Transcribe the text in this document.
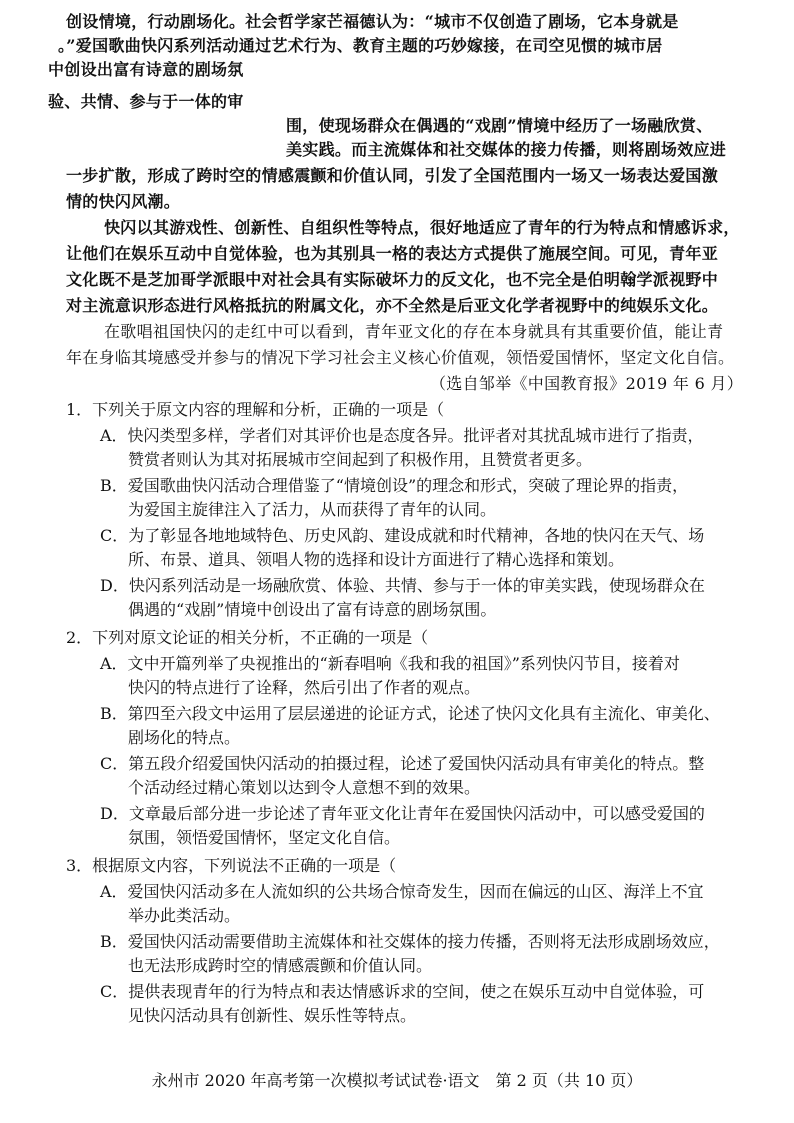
创设情境，行动剧场化。社会哲学家芒福德认为：“城市不仅创造了剧场，它本身就是
。”爱国歌曲快闪系列活动通过艺术行为、教育主题的巧妙嫁接，在司空见惯的城市居
中创设出富有诗意的剧场氛
验、共情、参与于一体的审
围，使现场群众在偶遇的“戏剧”情境中经历了一场融欣赏、
美实践。而主流媒体和社交媒体的接力传播，则将剧场效应进
一步扩散，形成了跨时空的情感震颤和价值认同，引发了全国范围内一场又一场表达爱国激
情的快闪风潮。
快闪以其游戏性、创新性、自组织性等特点，很好地适应了青年的行为特点和情感诉求，
让他们在娱乐互动中自觉体验，也为其别具一格的表达方式提供了施展空间。可见，青年亚
文化既不是芝加哥学派眼中对社会具有实际破坏力的反文化，也不完全是伯明翰学派视野中
对主流意识形态进行风格抵抗的附属文化，亦不全然是后亚文化学者视野中的纯娱乐文化。
在歌唱祖国快闪的走红中可以看到，青年亚文化的存在本身就具有其重要价值，能让青
年在身临其境感受并参与的情况下学习社会主义核心价值观，领悟爱国情怀，坚定文化自信。
（选自邹举《中国教育报》2019 年 6 月）
1．下列关于原文内容的理解和分析，正确的一项是（
A．快闪类型多样，学者们对其评价也是态度各异。批评者对其扰乱城市进行了指责，
赞赏者则认为其对拓展城市空间起到了积极作用，且赞赏者更多。
B．爱国歌曲快闪活动合理借鉴了“情境创设”的理念和形式，突破了理论界的指责，
为爱国主旋律注入了活力，从而获得了青年的认同。
C．为了彰显各地地域特色、历史风韵、建设成就和时代精神，各地的快闪在天气、场
所、布景、道具、领唱人物的选择和设计方面进行了精心选择和策划。
D．快闪系列活动是一场融欣赏、体验、共情、参与于一体的审美实践，使现场群众在
偶遇的“戏剧”情境中创设出了富有诗意的剧场氛围。
2．下列对原文论证的相关分析，不正确的一项是（
A．文中开篇列举了央视推出的“新春唱响《我和我的祖国》”系列快闪节目，接着对
快闪的特点进行了诠释，然后引出了作者的观点。
B．第四至六段文中运用了层层递进的论证方式，论述了快闪文化具有主流化、审美化、
剧场化的特点。
C．第五段介绍爱国快闪活动的拍摄过程，论述了爱国快闪活动具有审美化的特点。整
个活动经过精心策划以达到令人意想不到的效果。
D．文章最后部分进一步论述了青年亚文化让青年在爱国快闪活动中，可以感受爱国的
氛围，领悟爱国情怀，坚定文化自信。
3．根据原文内容，下列说法不正确的一项是（
A．爱国快闪活动多在人流如织的公共场合惊奇发生，因而在偏远的山区、海洋上不宜
举办此类活动。
B．爱国快闪活动需要借助主流媒体和社交媒体的接力传播，否则将无法形成剧场效应，
也无法形成跨时空的情感震颤和价值认同。
C．提供表现青年的行为特点和表达情感诉求的空间，使之在娱乐互动中自觉体验，可
见快闪活动具有创新性、娱乐性等特点。
永州市 2020 年高考第一次模拟考试试卷·语文　第 2 页（共 10 页）
